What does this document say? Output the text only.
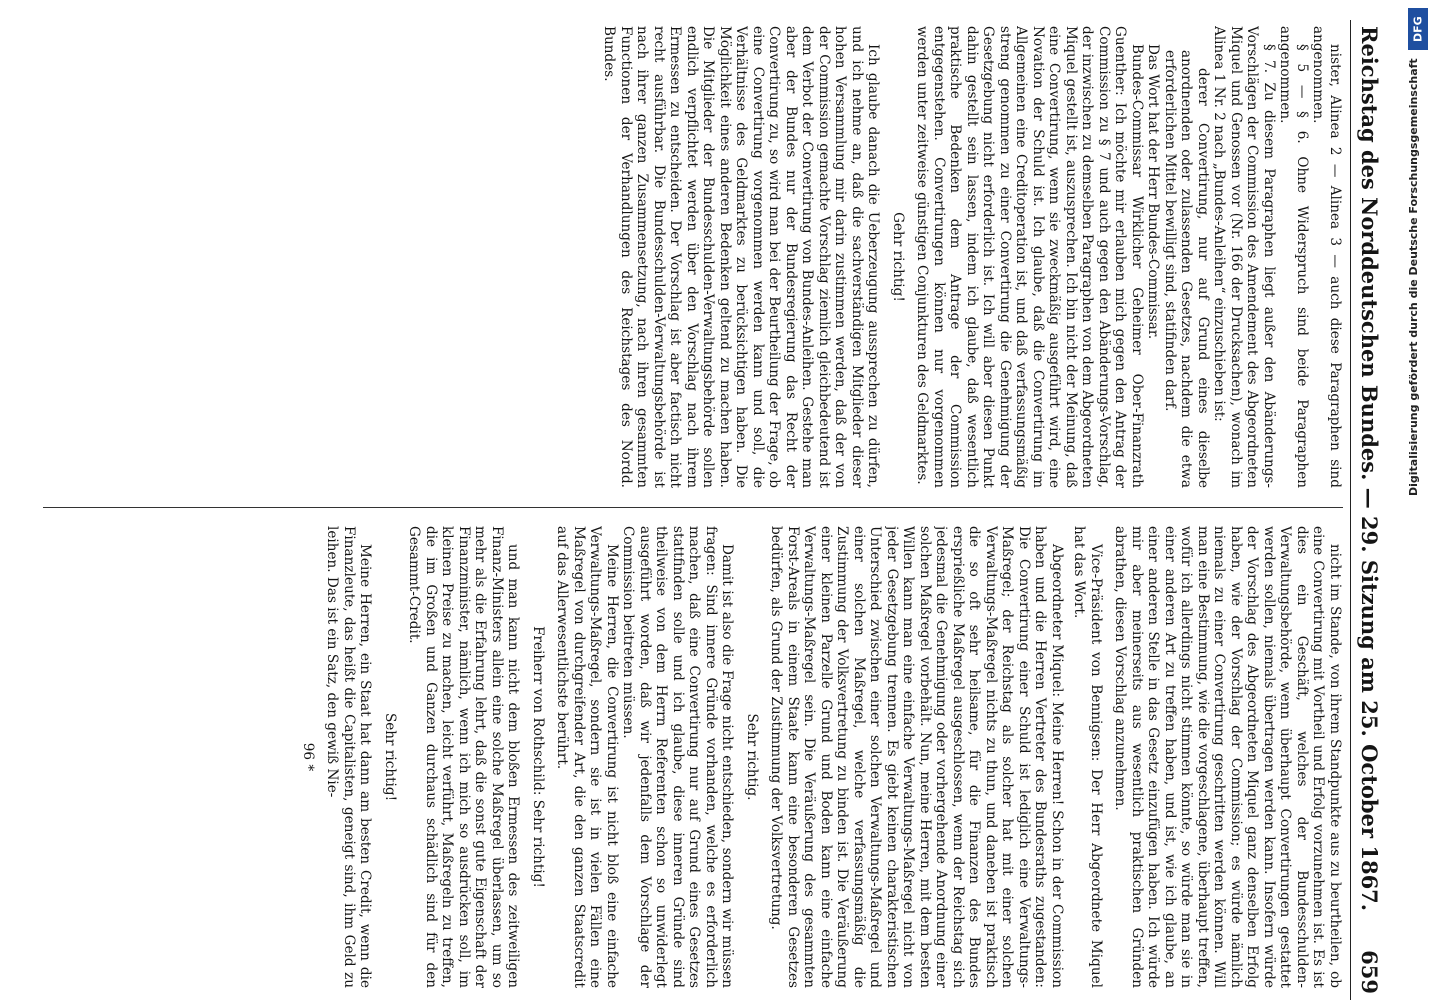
Reichstag des Norddeutschen Bundes. — 29. Sitzung am 25. October 1867.
659

nister, Alinea 2 — Alinea 3 — auch diese Paragraphen sind angenommen.

§ 5 — § 6. Ohne Widerspruch sind beide Paragraphen angenommen.

§ 7. Zu diesem Paragraphen liegt außer den Abänderungs-Vorschlägen der Commission des Amendement des Abgeordneten Miquel und Genossen vor (Nr. 166 der Drucksachen), wonach im Alinea 1 Nr. 2 nach „Bundes-Anleihen“ einzuschieben ist:

derer Convertirung, nur auf Grund eines dieselbe anordnenden oder zulassenden Gesetzes, nachdem die etwa erforderlichen Mittel bewilligt sind, statifinden darf.

Das Wort hat der Herr Bundes-Commissar.

Bundes-Commissar Wirklicher Geheimer Ober-Finanzrath Guenther: Ich möchte mir erlauben mich gegen den Antrag der Commission zu § 7 und auch gegen den Abänderungs-Vorschlag, der inzwischen zu demselben Paragraphen von dem Abgeordneten Miquel gestellt ist, auszusprechen. Ich bin nicht der Meinung, daß eine Convertirung, wenn sie zweckmäßig ausgeführt wird, eine Novation der Schuld ist. Ich glaube, daß die Convertirung im Allgemeinen eine Creditoperation ist, und daß verfassungsmäßig streng genommen zu einer Convertirung die Genehmigung der Gesetzgebung nicht erforderlich ist. Ich will aber diesen Punkt dahin gestellt sein lassen, indem ich glaube, daß wesentlich praktische Bedenken dem Antrage der Commission entgegenstehen. Convertirungen können nur vorgenommen werden unter zeitweise günstigen Conjunkturen des Geldmarktes.

Gehr richtig!

Ich glaube danach die Ueberzeugung aussprechen zu dürfen, und ich nehme an, daß die sachverständigen Mitglieder dieser hohen Versammlung mir darin zustimmen werden, daß der von der Commission gemachte Vorschlag ziemlich gleichbedeutend ist dem Verbot der Convertirung von Bundes-Anleihen. Gestehe man aber der Bundes nur der Bundesregierung das Recht der Convertirung zu, so wird man bei der Beurtheilung der Frage, ob eine Convertirung vorgenommen werden kann und soll, die Verhältnisse des Geldmarktes zu berücksichtigen haben. Die Möglichkeit eines anderen Bedenken geltend zu machen haben. Die Mitglieder der Bundesschulden-Verwaltungsbehörde sollen endlich verpflichtet werden über den Vorschlag nach ihrem Ermessen zu entscheiden. Der Vorschlag ist aber factisch nicht recht ausführbar. Die Bundesschulden-Verwaltungsbehörde ist nach ihrer ganzen Zusammensetzung, nach ihren gesammten Functionen der Verhandlungen des Reichstages des Nordd. Bundes.

nicht im Stande, von ihrem Standpunkte aus zu beurtheilen, ob eine Convertirung mit Vortheil und Erfolg vorzunehmen ist. Es ist dies ein Geschäft, welches der Bundesschulden-Verwaltungsbehörde, wenn überhaupt Convertirungen gestattet werden sollen, niemals übertragen werden kann. Insofern würde der Vorschlag des Abgeordneten Miquel ganz denselben Erfolg haben, wie der Vorschlag der Commission; es würde nämlich niemals zu einer Convertirung geschritten werden können. Will man eine Bestimmung, wie die vorgeschlagene, überhaupt treffen, wofür ich allerdings nicht stimmen könnte, so würde man sie in einer anderen Art zu treffen haben, und ist, wie ich glaube, an einer anderen Stelle in das Gesetz einzufügen haben. Ich würde mir aber meinerseits aus wesentlich praktischen Gründen abrathen, diesen Vorschlag anzunehmen.

Vice-Präsident von Bennigsen: Der Herr Abgeordnete Miquel hat das Wort.

Abgeordneter Miquel: Meine Herren! Schon in der Commission haben und die Herren Vertreter des Bundesraths zugestanden: Die Convertirung einer Schuld ist lediglich eine Verwaltungs-Maßregel; der Reichstag als solcher hat mit einer solchen Verwaltungs-Maßregel nichts zu thun, und daneben ist praktisch die so oft sehr heilsame, für die Finanzen des Bundes ersprießliche Maßregel ausgeschlossen, wenn der Reichstag sich jedesmal die Genehmigung oder vorhergehende Anordnung einer solchen Maßregel vorbehält. Nun, meine Herren, mit dem besten Willen kann man eine einfache Verwaltungs-Maßregel nicht von jeder Gesetzgebung trennen. Es giebt keinen charakteristischen Unterschied zwischen einer solchen Verwaltungs-Maßregel und einer solchen Maßregel, welche verfassungsmäßig die Zustimmung der Volksvertretung zu binden ist. Die Veräußerung einer kleinen Parzelle Grund und Boden kann eine einfache Verwaltungs-Maßregel sein. Die Veräußerung des gesammten Forst-Areals in einem Staate kann eine besonderen Gesetzes bedürfen, als Grund der Zustimmung der Volksvertretung.

Sehr richtig.

Damit ist also die Frage nicht entschieden, sondern wir müssen fragen: Sind innere Gründe vorhanden, welche es erforderlich machen, daß eine Convertirung nur auf Grund eines Gesetzes stattfinden solle und ich glaube, diese inneren Gründe sind theilweise von dem Herrn Referenten schon so unwiderlegt ausgeführt worden, daß wir jedenfalls dem Vorschlage der Commission beitreten müssen.

Meine Herren, die Convertirung ist nicht bloß eine einfache Verwaltungs-Maßregel, sondern sie ist in vielen Fällen eine Maßregel von durchgreifender Art, die den ganzen Staatscredit auf das Allerwesentlichste berührt.

Freiherr von Rothschild: Sehr richtig!

und man kann nicht dem bloßen Ermessen des zeitweiligen Finanz-Ministers allein eine solche Maßregel überlassen, um so mehr als die Erfahrung lehrt, daß die sonst gute Eigenschaft der Finanzminister, nämlich, wenn ich mich so ausdrücken soll, im kleinen Preise zu machen, leicht verführt, Maßregeln zu treffen, die im Großen und Ganzen durchaus schädlich sind für den Gesammt-Credit.

Sehr richtig!

Meine Herren, ein Staat hat dann am besten Credit, wenn die Finanzleute, das heißt die Capitalisten, geneigt sind, ihm Geld zu leihen. Das ist ein Satz, den gewiß Nie-

96 *

DFG
Digitalisierung gefördert durch die Deutsche Forschungsgemeinschaft
